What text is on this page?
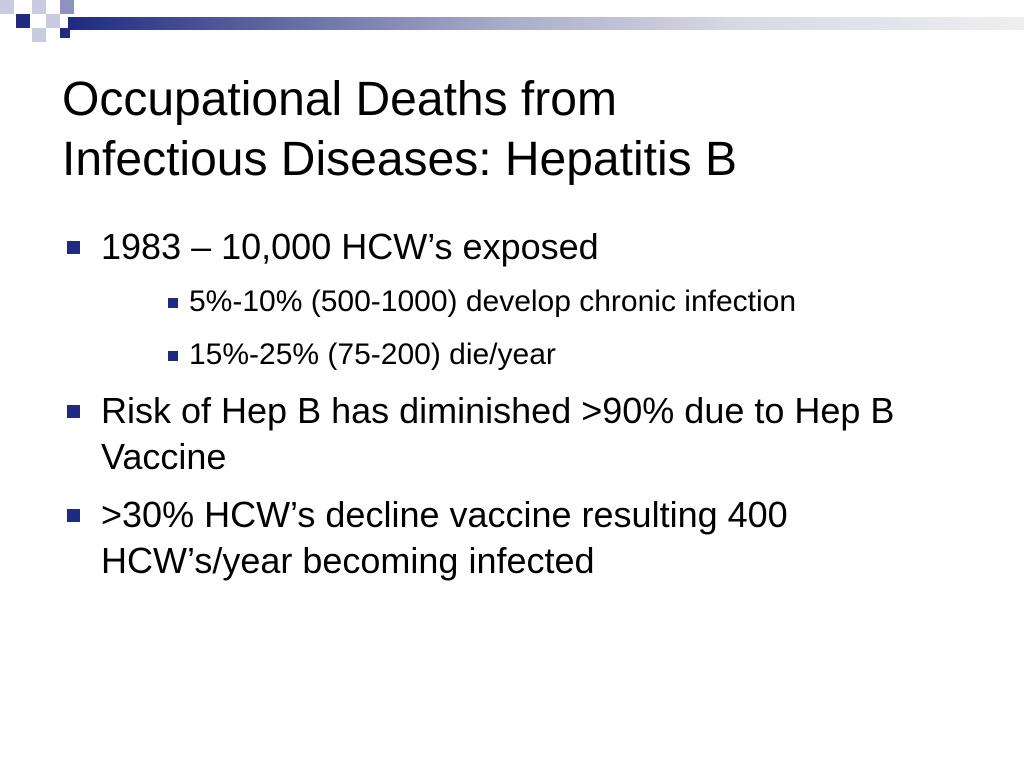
Occupational Deaths from
Infectious Diseases: Hepatitis B
1983 – 10,000 HCW’s exposed
5%-10% (500-1000) develop chronic infection
15%-25% (75-200) die/year
Risk of Hep B has diminished >90% due to Hep B Vaccine
>30% HCW’s decline vaccine resulting 400 HCW’s/year becoming infected
